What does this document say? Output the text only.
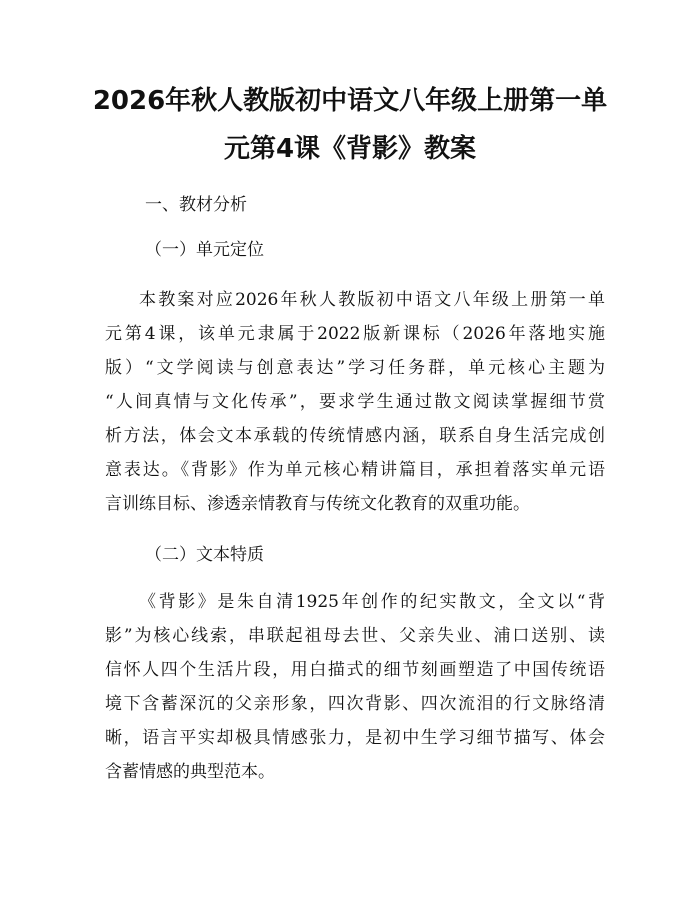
2026年秋人教版初中语文八年级上册第一单
元第4课《背影》教案

一、教材分析

（一）单元定位

本教案对应2026年秋人教版初中语文八年级上册第一单
元第4课，该单元隶属于2022版新课标（2026年落地实施
版）“文学阅读与创意表达”学习任务群，单元核心主题为
“人间真情与文化传承”，要求学生通过散文阅读掌握细节赏
析方法，体会文本承载的传统情感内涵，联系自身生活完成创
意表达。《背影》作为单元核心精讲篇目，承担着落实单元语
言训练目标、渗透亲情教育与传统文化教育的双重功能。

（二）文本特质

《背影》是朱自清1925年创作的纪实散文，全文以“背
影”为核心线索，串联起祖母去世、父亲失业、浦口送别、读
信怀人四个生活片段，用白描式的细节刻画塑造了中国传统语
境下含蓄深沉的父亲形象，四次背影、四次流泪的行文脉络清
晰，语言平实却极具情感张力，是初中生学习细节描写、体会
含蓄情感的典型范本。
